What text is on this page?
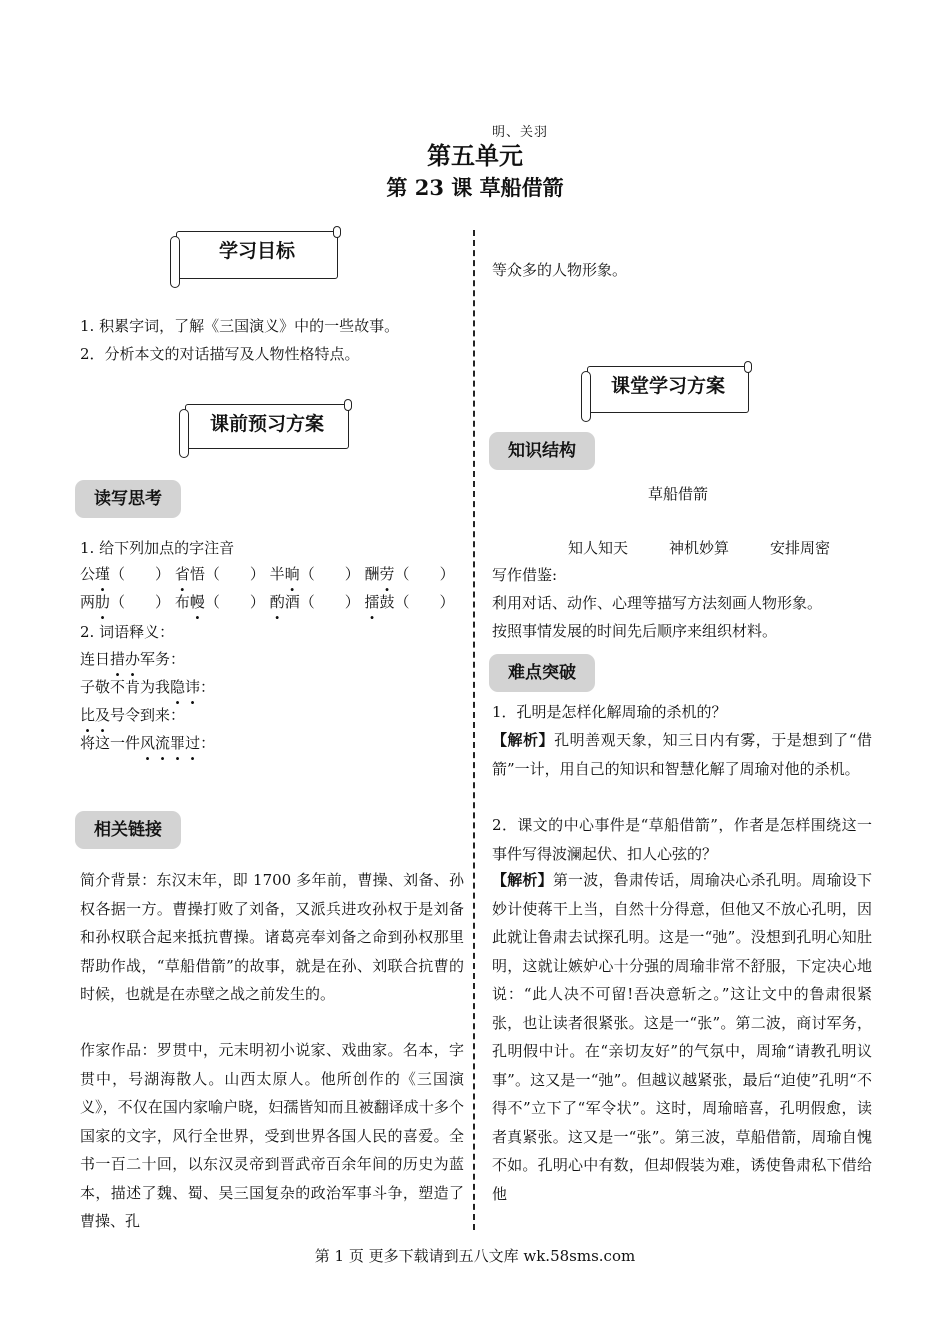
明、关羽
第五单元
第 23 课 草船借箭
学习目标
1. 积累字词，了解《三国演义》中的一些故事。
2．分析本文的对话描写及人物性格特点。
课前预习方案
读写思考
1. 给下列加点的字注音
公瑾（ ） 省悟（ ） 半晌（ ） 酬劳（ ）
两肋（ ） 布幔（ ） 酌酒（ ） 擂鼓（ ）
2. 词语释义：
连日措办军务：
子敬不肯为我隐讳：
比及号令到来：
将这一件风流罪过：
相关链接
简介背景：东汉末年，即 1700 多年前，曹操、刘备、孙权各据一方。曹操打败了刘备，又派兵进攻孙权于是刘备和孙权联合起来抵抗曹操。诸葛亮奉刘备之命到孙权那里帮助作战，“草船借箭”的故事，就是在孙、刘联合抗曹的时候，也就是在赤壁之战之前发生的。
作家作品：罗贯中，元末明初小说家、戏曲家。名本，字贯中，号湖海散人。山西太原人。他所创作的《三国演义》，不仅在国内家喻户晓，妇孺皆知而且被翻译成十多个国家的文字，风行全世界，受到世界各国人民的喜爱。全书一百二十回，以东汉灵帝到晋武帝百余年间的历史为蓝本，描述了魏、蜀、吴三国复杂的政治军事斗争，塑造了曹操、孔
等众多的人物形象。
课堂学习方案
知识结构
草船借箭
知人知天	神机妙算	安排周密
写作借鉴:
利用对话、动作、心理等描写方法刻画人物形象。
按照事情发展的时间先后顺序来组织材料。
难点突破
1．孔明是怎样化解周瑜的杀机的？
【解析】孔明善观天象，知三日内有雾，于是想到了“借箭”一计，用自己的知识和智慧化解了周瑜对他的杀机。
2．课文的中心事件是“草船借箭”，作者是怎样围绕这一事件写得波澜起伏、扣人心弦的？
【解析】第一波，鲁肃传话，周瑜决心杀孔明。周瑜设下妙计使蒋干上当，自然十分得意，但他又不放心孔明，因此就让鲁肃去试探孔明。这是一“弛”。没想到孔明心知肚明，这就让嫉妒心十分强的周瑜非常不舒服，下定决心地说：“此人决不可留!吾决意斩之。”这让文中的鲁肃很紧张，也让读者很紧张。这是一“张”。第二波，商讨军务，孔明假中计。在“亲切友好”的气氛中，周瑜“请教孔明议事”。这又是一“弛”。但越议越紧张，最后“迫使”孔明“不得不”立下了“军令状”。这时，周瑜暗喜，孔明假愈，读者真紧张。这又是一“张”。第三波，草船借箭，周瑜自愧不如。孔明心中有数，但却假装为难，诱使鲁肃私下借给他
第 1 页 更多下载请到五八文库 wk.58sms.com
